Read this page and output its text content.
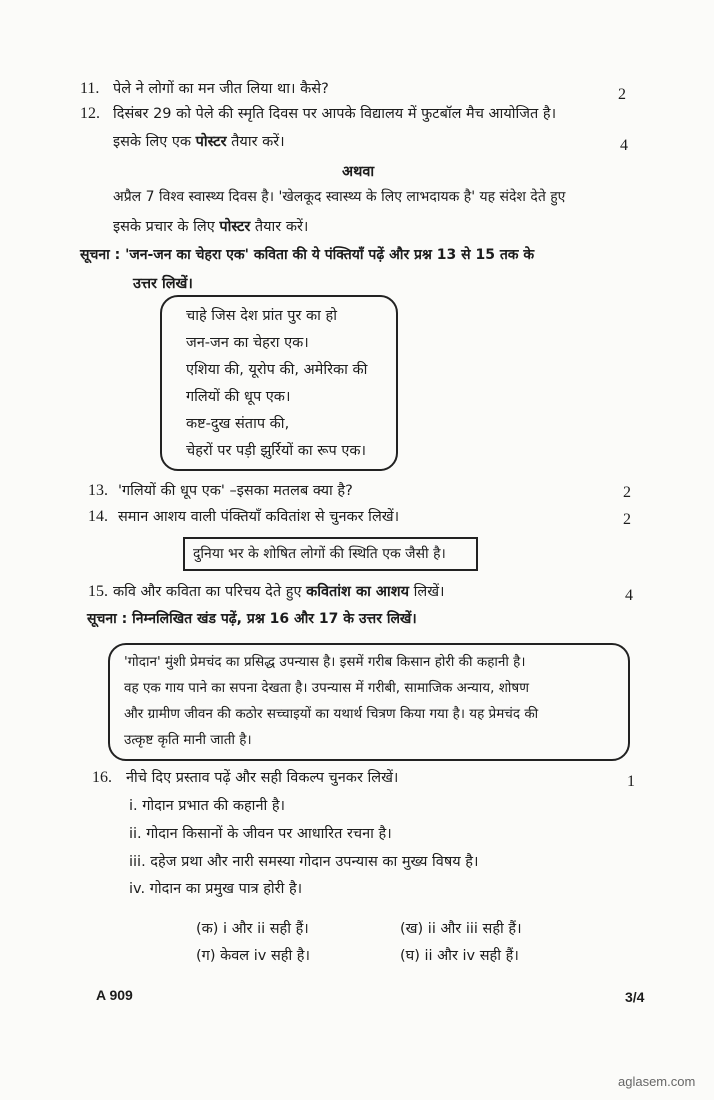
11. पेले ने लोगों का मन जीत लिया था। कैसे?	2
12. दिसंबर 29 को पेले की स्मृति दिवस पर आपके विद्यालय में फुटबॉल मैच आयोजित है।
इसके लिए एक पोस्टर तैयार करें।	4
अथवा
अप्रैल 7 विश्व स्वास्थ्य दिवस है। 'खेलकूद स्वास्थ्य के लिए लाभदायक है' यह संदेश देते हुए
इसके प्रचार के लिए पोस्टर तैयार करें।
सूचना : 'जन-जन का चेहरा एक' कविता की ये पंक्तियाँ पढ़ें और प्रश्न 13 से 15 तक के
उत्तर लिखें।
चाहे जिस देश प्रांत पुर का हो
जन-जन का चेहरा एक।
एशिया की, यूरोप की, अमेरिका की
गलियों की धूप एक।
कष्ट-दुख संताप की,
चेहरों पर पड़ी झुर्रियों का रूप एक।
13. 'गलियों की धूप एक' –इसका मतलब क्या है?	2
14. समान आशय वाली पंक्तियाँ कवितांश से चुनकर लिखें।	2
दुनिया भर के शोषित लोगों की स्थिति एक जैसी है।
15. कवि और कविता का परिचय देते हुए कवितांश का आशय लिखें।	4
सूचना : निम्नलिखित खंड पढ़ें, प्रश्न 16 और 17 के उत्तर लिखें।
'गोदान' मुंशी प्रेमचंद का प्रसिद्ध उपन्यास है। इसमें गरीब किसान होरी की कहानी है।
वह एक गाय पाने का सपना देखता है। उपन्यास में गरीबी, सामाजिक अन्याय, शोषण
और ग्रामीण जीवन की कठोर सच्चाइयों का यथार्थ चित्रण किया गया है। यह प्रेमचंद की
उत्कृष्ट कृति मानी जाती है।
16. नीचे दिए प्रस्ताव पढ़ें और सही विकल्प चुनकर लिखें।	1
i. गोदान प्रभात की कहानी है।
ii. गोदान किसानों के जीवन पर आधारित रचना है।
iii. दहेज प्रथा और नारी समस्या गोदान उपन्यास का मुख्य विषय है।
iv. गोदान का प्रमुख पात्र होरी है।
(क) i और ii सही हैं।	(ख) ii और iii सही हैं।
(ग) केवल iv सही है।	(घ) ii और iv सही हैं।
A 909	3/4
aglasem.com
